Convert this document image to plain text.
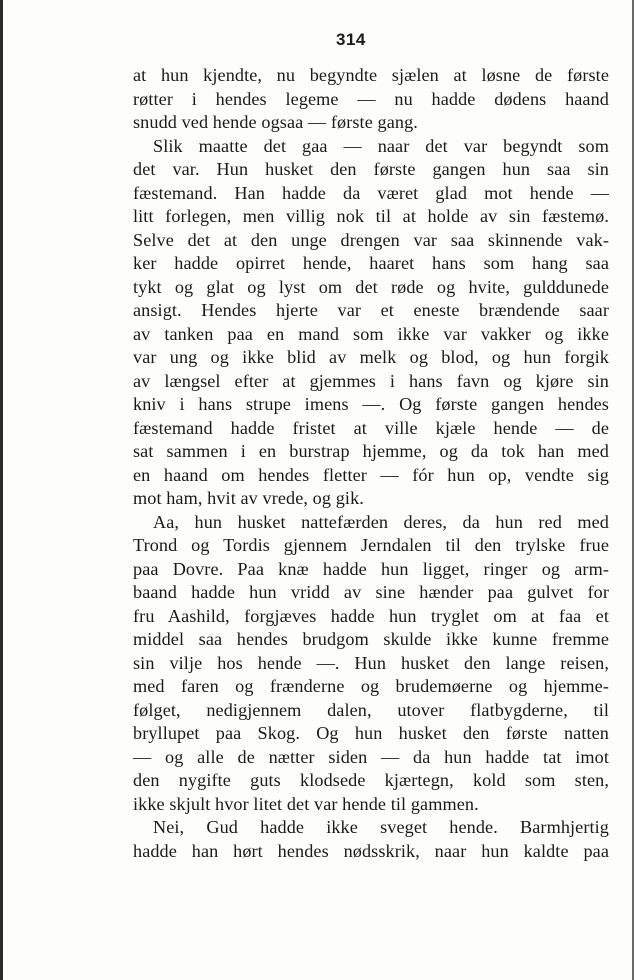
314
at hun kjendte, nu begyndte sjælen at løsne de første
røtter i hendes legeme — nu hadde dødens haand
snudd ved hende ogsaa — første gang.
Slik maatte det gaa — naar det var begyndt som
det var. Hun husket den første gangen hun saa sin
fæstemand. Han hadde da været glad mot hende —
litt forlegen, men villig nok til at holde av sin fæstemø.
Selve det at den unge drengen var saa skinnende vak-
ker hadde opirret hende, haaret hans som hang saa
tykt og glat og lyst om det røde og hvite, gulddunede
ansigt. Hendes hjerte var et eneste brændende saar
av tanken paa en mand som ikke var vakker og ikke
var ung og ikke blid av melk og blod, og hun forgik
av længsel efter at gjemmes i hans favn og kjøre sin
kniv i hans strupe imens —. Og første gangen hendes
fæstemand hadde fristet at ville kjæle hende — de
sat sammen i en burstrap hjemme, og da tok han med
en haand om hendes fletter — fór hun op, vendte sig
mot ham, hvit av vrede, og gik.
Aa, hun husket nattefærden deres, da hun red med
Trond og Tordis gjennem Jerndalen til den trylske frue
paa Dovre. Paa knæ hadde hun ligget, ringer og arm-
baand hadde hun vridd av sine hænder paa gulvet for
fru Aashild, forgjæves hadde hun tryglet om at faa et
middel saa hendes brudgom skulde ikke kunne fremme
sin vilje hos hende —. Hun husket den lange reisen,
med faren og frænderne og brudemøerne og hjemme-
følget, nedigjennem dalen, utover flatbygderne, til
bryllupet paa Skog. Og hun husket den første natten
— og alle de nætter siden — da hun hadde tat imot
den nygifte guts klodsede kjærtegn, kold som sten,
ikke skjult hvor litet det var hende til gammen.
Nei, Gud hadde ikke sveget hende. Barmhjertig
hadde han hørt hendes nødsskrik, naar hun kaldte paa
